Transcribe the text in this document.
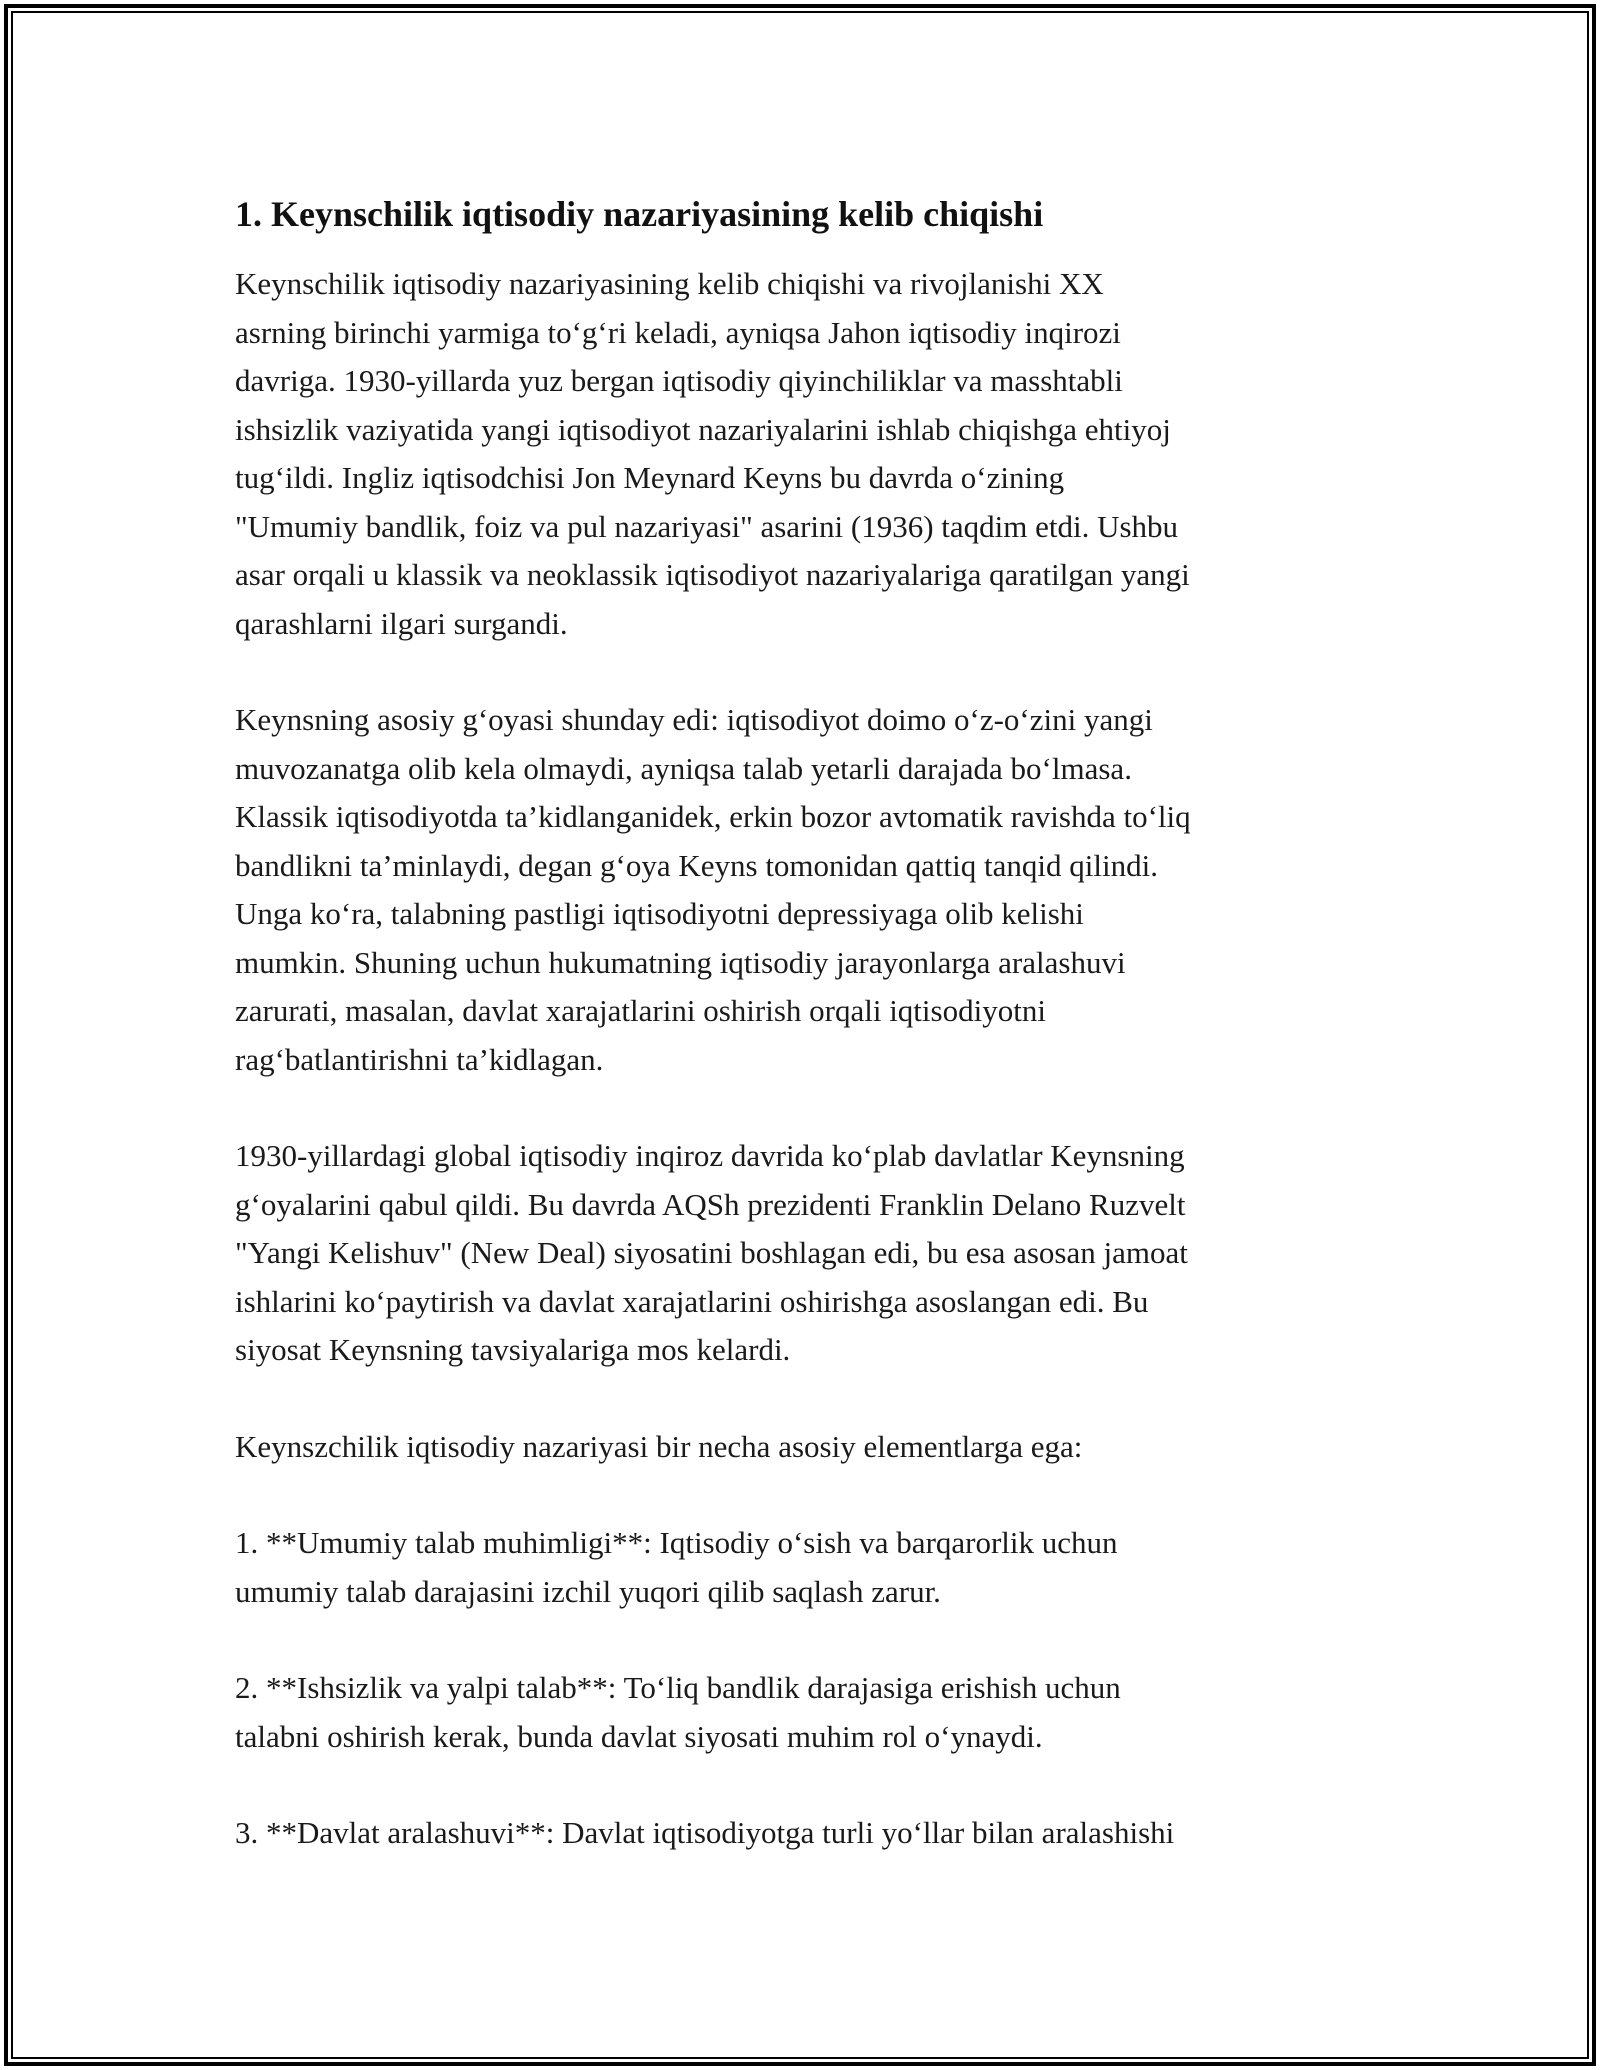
1. Keynschilik iqtisodiy nazariyasining kelib chiqishi
Keynschilik iqtisodiy nazariyasining kelib chiqishi va rivojlanishi XX
asrning birinchi yarmiga to‘g‘ri keladi, ayniqsa Jahon iqtisodiy inqirozi
davriga. 1930-yillarda yuz bergan iqtisodiy qiyinchiliklar va masshtabli
ishsizlik vaziyatida yangi iqtisodiyot nazariyalarini ishlab chiqishga ehtiyoj
tug‘ildi. Ingliz iqtisodchisi Jon Meynard Keyns bu davrda o‘zining
"Umumiy bandlik, foiz va pul nazariyasi" asarini (1936) taqdim etdi. Ushbu
asar orqali u klassik va neoklassik iqtisodiyot nazariyalariga qaratilgan yangi
qarashlarni ilgari surgandi.
Keynsning asosiy g‘oyasi shunday edi: iqtisodiyot doimo o‘z-o‘zini yangi
muvozanatga olib kela olmaydi, ayniqsa talab yetarli darajada bo‘lmasa.
Klassik iqtisodiyotda ta’kidlanganidek, erkin bozor avtomatik ravishda to‘liq
bandlikni ta’minlaydi, degan g‘oya Keyns tomonidan qattiq tanqid qilindi.
Unga ko‘ra, talabning pastligi iqtisodiyotni depressiyaga olib kelishi
mumkin. Shuning uchun hukumatning iqtisodiy jarayonlarga aralashuvi
zarurati, masalan, davlat xarajatlarini oshirish orqali iqtisodiyotni
rag‘batlantirishni ta’kidlagan.
1930-yillardagi global iqtisodiy inqiroz davrida ko‘plab davlatlar Keynsning
g‘oyalarini qabul qildi. Bu davrda AQSh prezidenti Franklin Delano Ruzvelt
"Yangi Kelishuv" (New Deal) siyosatini boshlagan edi, bu esa asosan jamoat
ishlarini ko‘paytirish va davlat xarajatlarini oshirishga asoslangan edi. Bu
siyosat Keynsning tavsiyalariga mos kelardi.
Keynszchilik iqtisodiy nazariyasi bir necha asosiy elementlarga ega:
1. **Umumiy talab muhimligi**: Iqtisodiy o‘sish va barqarorlik uchun
umumiy talab darajasini izchil yuqori qilib saqlash zarur.
2. **Ishsizlik va yalpi talab**: To‘liq bandlik darajasiga erishish uchun
talabni oshirish kerak, bunda davlat siyosati muhim rol o‘ynaydi.
3. **Davlat aralashuvi**: Davlat iqtisodiyotga turli yo‘llar bilan aralashishi
